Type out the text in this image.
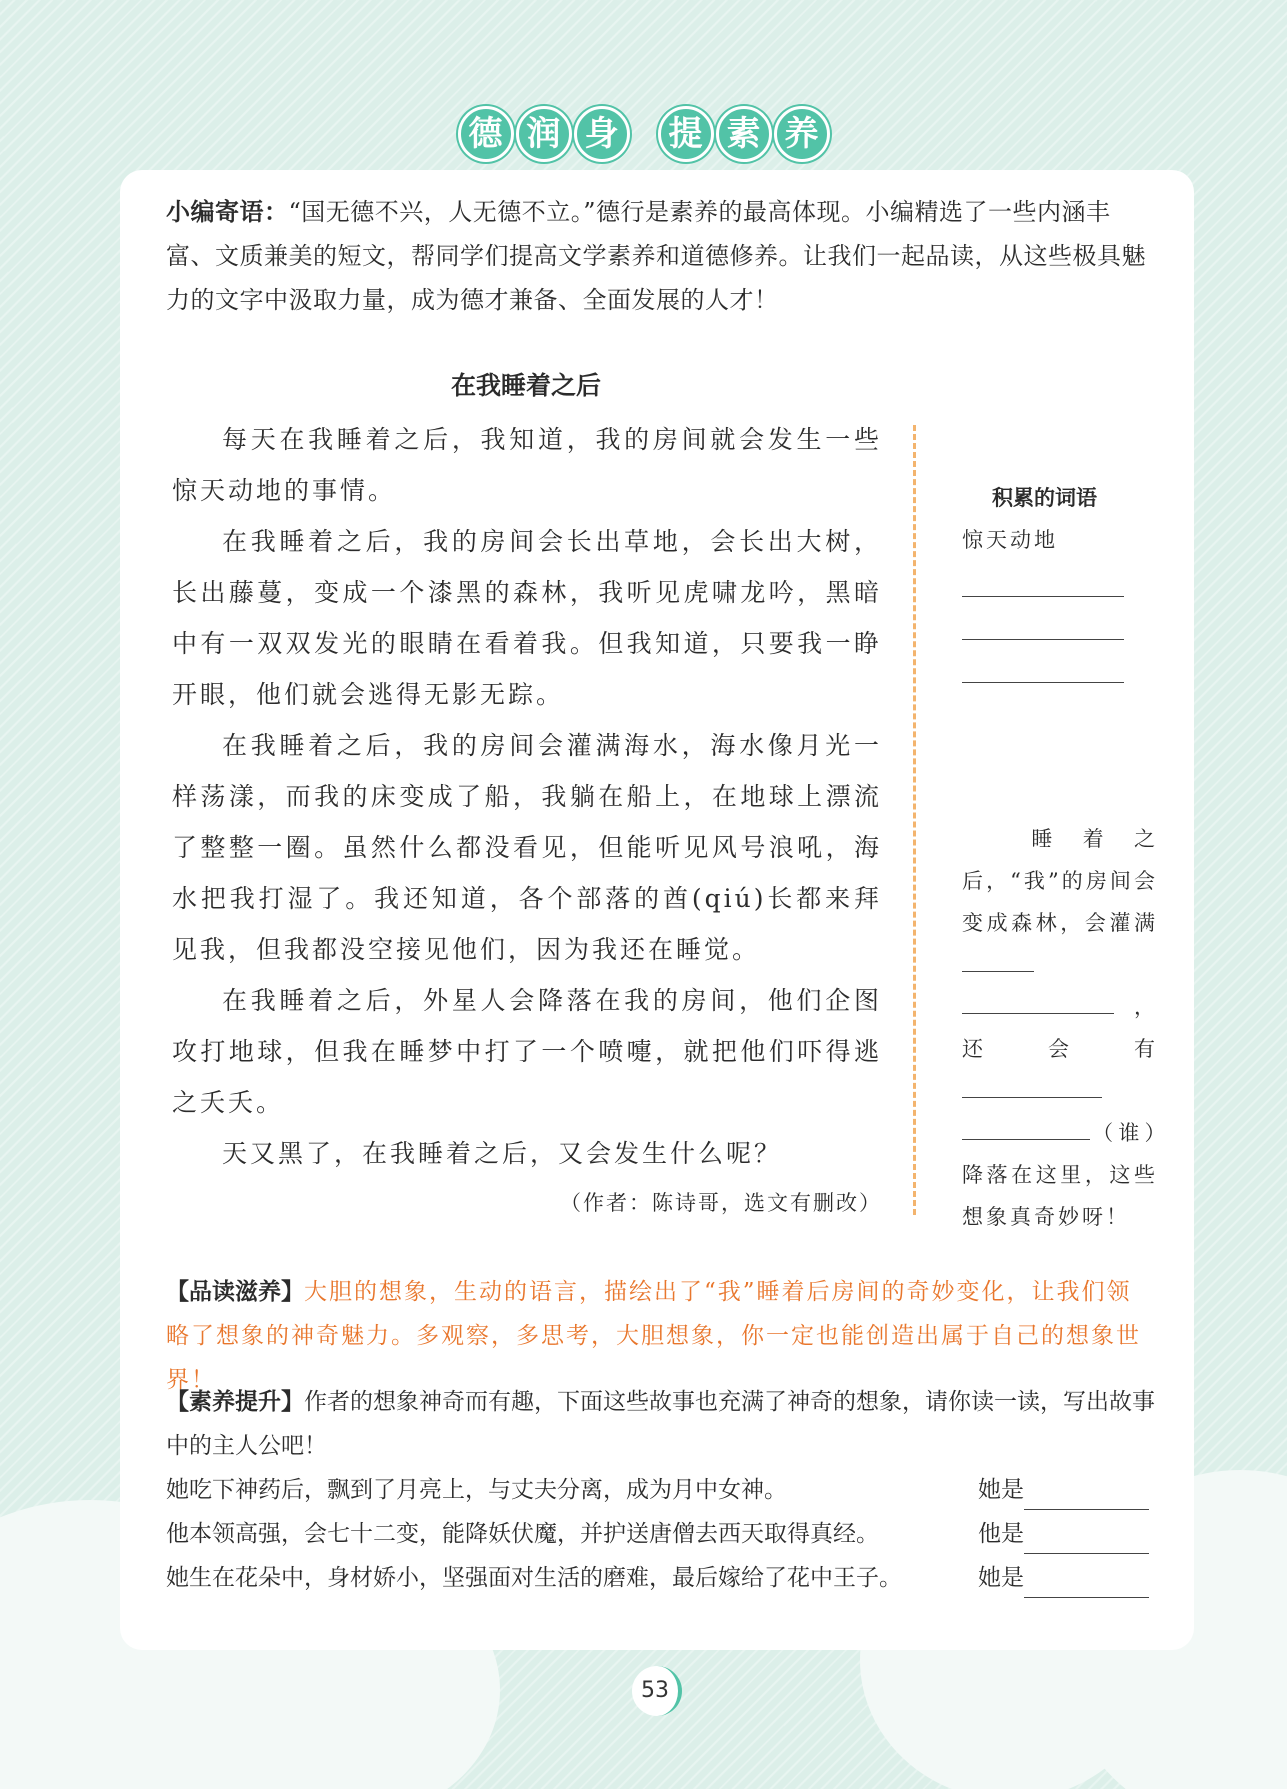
德 润 身	提 素 养
小编寄语：“国无德不兴，人无德不立。”德行是素养的最高体现。小编精选了一些内涵丰富、文质兼美的短文，帮同学们提高文学素养和道德修养。让我们一起品读，从这些极具魅力的文字中汲取力量，成为德才兼备、全面发展的人才！
在我睡着之后

每天在我睡着之后，我知道，我的房间就会发生一些惊天动地的事情。

在我睡着之后，我的房间会长出草地，会长出大树，长出藤蔓，变成一个漆黑的森林，我听见虎啸龙吟，黑暗中有一双双发光的眼睛在看着我。但我知道，只要我一睁开眼，他们就会逃得无影无踪。

在我睡着之后，我的房间会灌满海水，海水像月光一样荡漾，而我的床变成了船，我躺在船上，在地球上漂流了整整一圈。虽然什么都没看见，但能听见风号浪吼，海水把我打湿了。我还知道，各个部落的酋(qiú)长都来拜见我，但我都没空接见他们，因为我还在睡觉。

在我睡着之后，外星人会降落在我的房间，他们企图攻打地球，但我在睡梦中打了一个喷嚏，就把他们吓得逃之夭夭。

天又黑了，在我睡着之后，又会发生什么呢？

（作者：陈诗哥，选文有删改）
积累的词语
惊天动地
睡着之后，“我”的房间会变成森林，会灌满 ，还会有 （谁）降落在这里，这些想象真奇妙呀！
【品读滋养】大胆的想象，生动的语言，描绘出了“我”睡着后房间的奇妙变化，让我们领略了想象的神奇魅力。多观察，多思考，大胆想象，你一定也能创造出属于自己的想象世界！
【素养提升】作者的想象神奇而有趣，下面这些故事也充满了神奇的想象，请你读一读，写出故事中的主人公吧！
她吃下神药后，飘到了月亮上，与丈夫分离，成为月中女神。	她是
他本领高强，会七十二变，能降妖伏魔，并护送唐僧去西天取得真经。	他是
她生在花朵中，身材娇小，坚强面对生活的磨难，最后嫁给了花中王子。	她是
53
